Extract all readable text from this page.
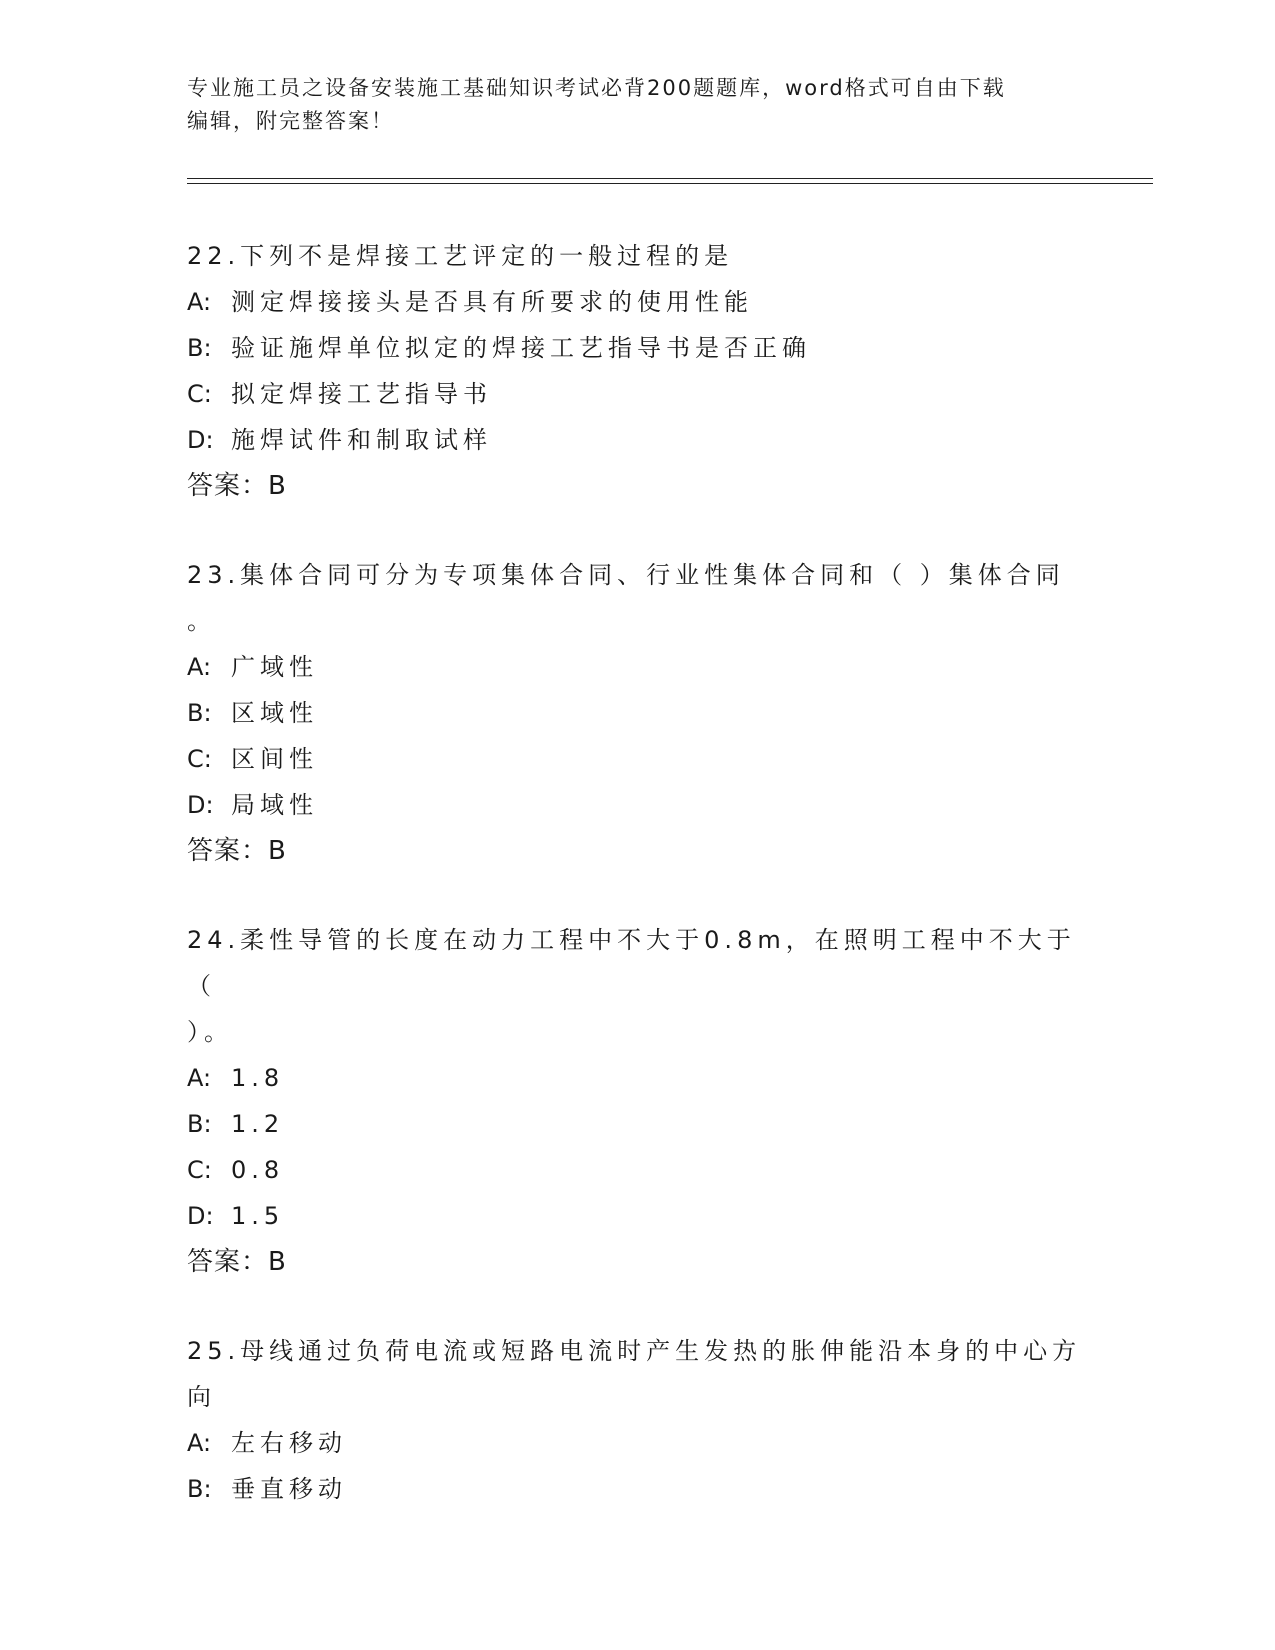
专业施工员之设备安装施工基础知识考试必背200题题库，word格式可自由下载
编辑，附完整答案！
22.下列不是焊接工艺评定的一般过程的是
A: 测定焊接接头是否具有所要求的使用性能
B: 验证施焊单位拟定的焊接工艺指导书是否正确
C: 拟定焊接工艺指导书
D: 施焊试件和制取试样
答案：B
23.集体合同可分为专项集体合同、行业性集体合同和（ ）集体合同
。
A: 广域性
B: 区域性
C: 区间性
D: 局域性
答案：B
24.柔性导管的长度在动力工程中不大于0.8m，在照明工程中不大于（
）。
A: 1.8
B: 1.2
C: 0.8
D: 1.5
答案：B
25.母线通过负荷电流或短路电流时产生发热的胀伸能沿本身的中心方
向
A: 左右移动
B: 垂直移动
